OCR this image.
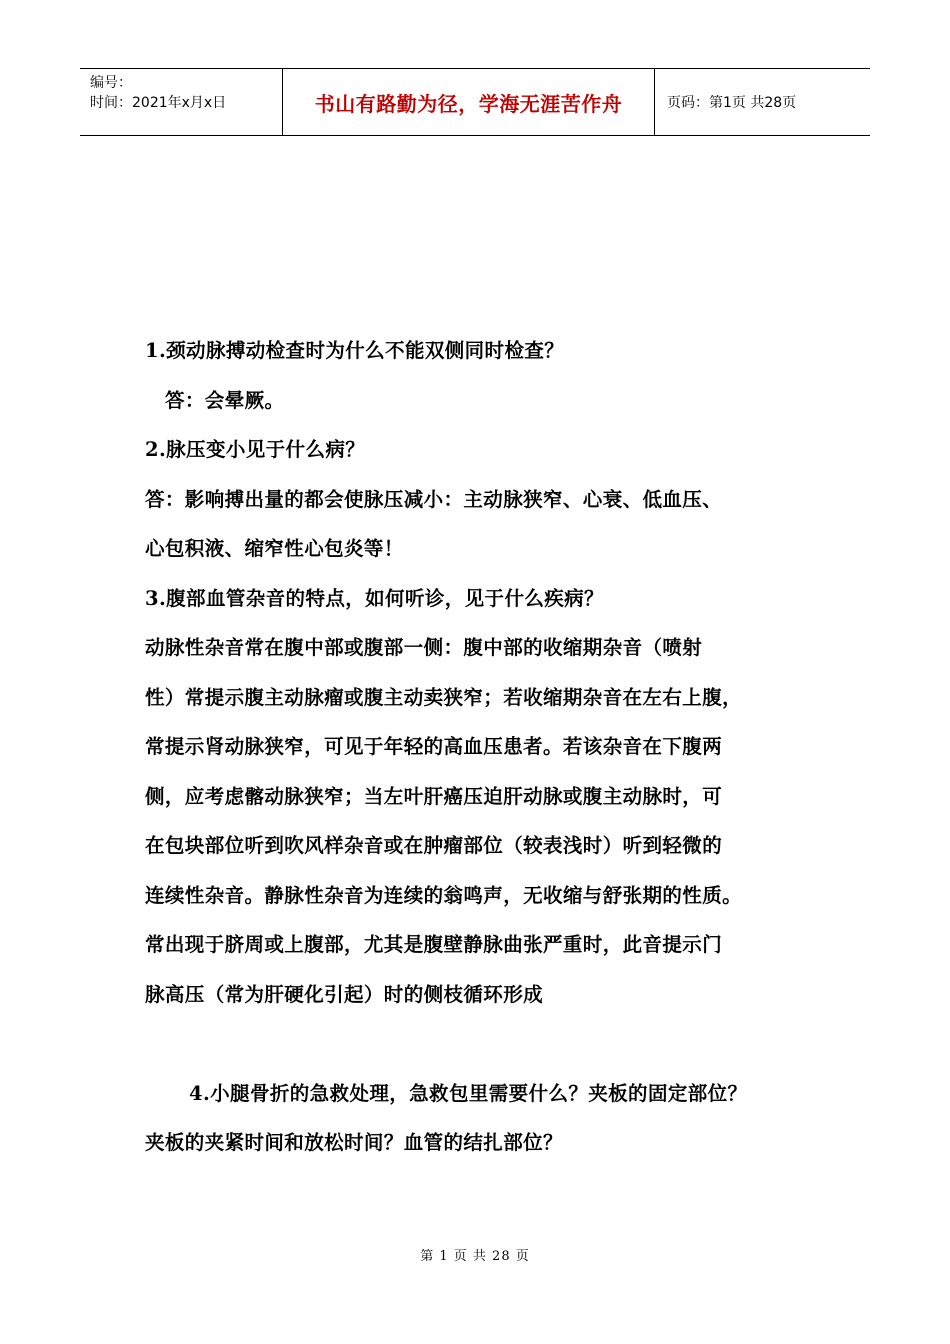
编号：
时间：2021年x月x日	书山有路勤为径，学海无涯苦作舟	页码：第1页 共28页

1.颈动脉搏动检查时为什么不能双侧同时检查？

答：会晕厥。

2.脉压变小见于什么病？

答：影响搏出量的都会使脉压减小：主动脉狭窄、心衰、低血压、

心包积液、缩窄性心包炎等！

3.腹部血管杂音的特点，如何听诊，见于什么疾病？

动脉性杂音常在腹中部或腹部一侧：腹中部的收缩期杂音（喷射

性）常提示腹主动脉瘤或腹主动卖狭窄；若收缩期杂音在左右上腹，

常提示肾动脉狭窄，可见于年轻的高血压患者。若该杂音在下腹两

侧，应考虑髂动脉狭窄；当左叶肝癌压迫肝动脉或腹主动脉时，可

在包块部位听到吹风样杂音或在肿瘤部位（较表浅时）听到轻微的

连续性杂音。静脉性杂音为连续的翁鸣声，无收缩与舒张期的性质。

常出现于脐周或上腹部，尤其是腹壁静脉曲张严重时，此音提示门

脉高压（常为肝硬化引起）时的侧枝循环形成

4.小腿骨折的急救处理，急救包里需要什么？夹板的固定部位？

夹板的夹紧时间和放松时间？血管的结扎部位？

第 1 页 共 28 页
